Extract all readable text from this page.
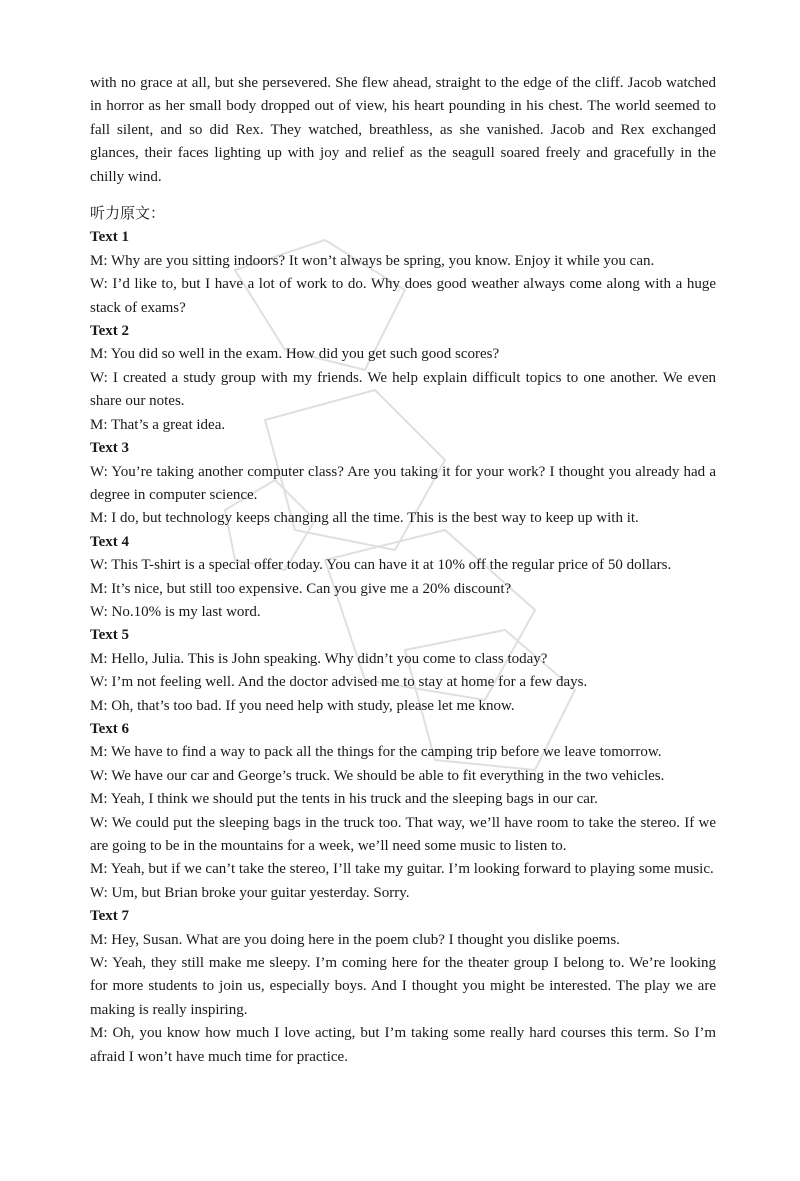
with no grace at all, but she persevered. She flew ahead, straight to the edge of the cliff. Jacob watched in horror as her small body dropped out of view, his heart pounding in his chest. The world seemed to fall silent, and so did Rex. They watched, breathless, as she vanished. Jacob and Rex exchanged glances, their faces lighting up with joy and relief as the seagull soared freely and gracefully in the chilly wind.

听力原文：

Text 1

M: Why are you sitting indoors? It won’t always be spring, you know. Enjoy it while you can.

W: I’d like to, but I have a lot of work to do. Why does good weather always come along with a huge stack of exams?

Text 2

M: You did so well in the exam. How did you get such good scores?

W: I created a study group with my friends. We help explain difficult topics to one another. We even share our notes.

M: That’s a great idea.

Text 3

W: You’re taking another computer class? Are you taking it for your work? I thought you already had a degree in computer science.

M: I do, but technology keeps changing all the time. This is the best way to keep up with it.

Text 4

W: This T-shirt is a special offer today. You can have it at 10% off the regular price of 50 dollars.

M: It’s nice, but still too expensive. Can you give me a 20% discount?

W: No.10% is my last word.

Text 5

M: Hello, Julia. This is John speaking. Why didn’t you come to class today?

W: I’m not feeling well. And the doctor advised me to stay at home for a few days.

M: Oh, that’s too bad. If you need help with study, please let me know.

Text 6

M: We have to find a way to pack all the things for the camping trip before we leave tomorrow.

W: We have our car and George’s truck. We should be able to fit everything in the two vehicles.

M: Yeah, I think we should put the tents in his truck and the sleeping bags in our car.

W: We could put the sleeping bags in the truck too. That way, we’ll have room to take the stereo. If we are going to be in the mountains for a week, we’ll need some music to listen to.

M: Yeah, but if we can’t take the stereo, I’ll take my guitar. I’m looking forward to playing some music.

W: Um, but Brian broke your guitar yesterday. Sorry.

Text 7

M: Hey, Susan. What are you doing here in the poem club? I thought you dislike poems.

W: Yeah, they still make me sleepy. I’m coming here for the theater group I belong to. We’re looking for more students to join us, especially boys. And I thought you might be interested. The play we are making is really inspiring.

M: Oh, you know how much I love acting, but I’m taking some really hard courses this term. So I’m afraid I won’t have much time for practice.
